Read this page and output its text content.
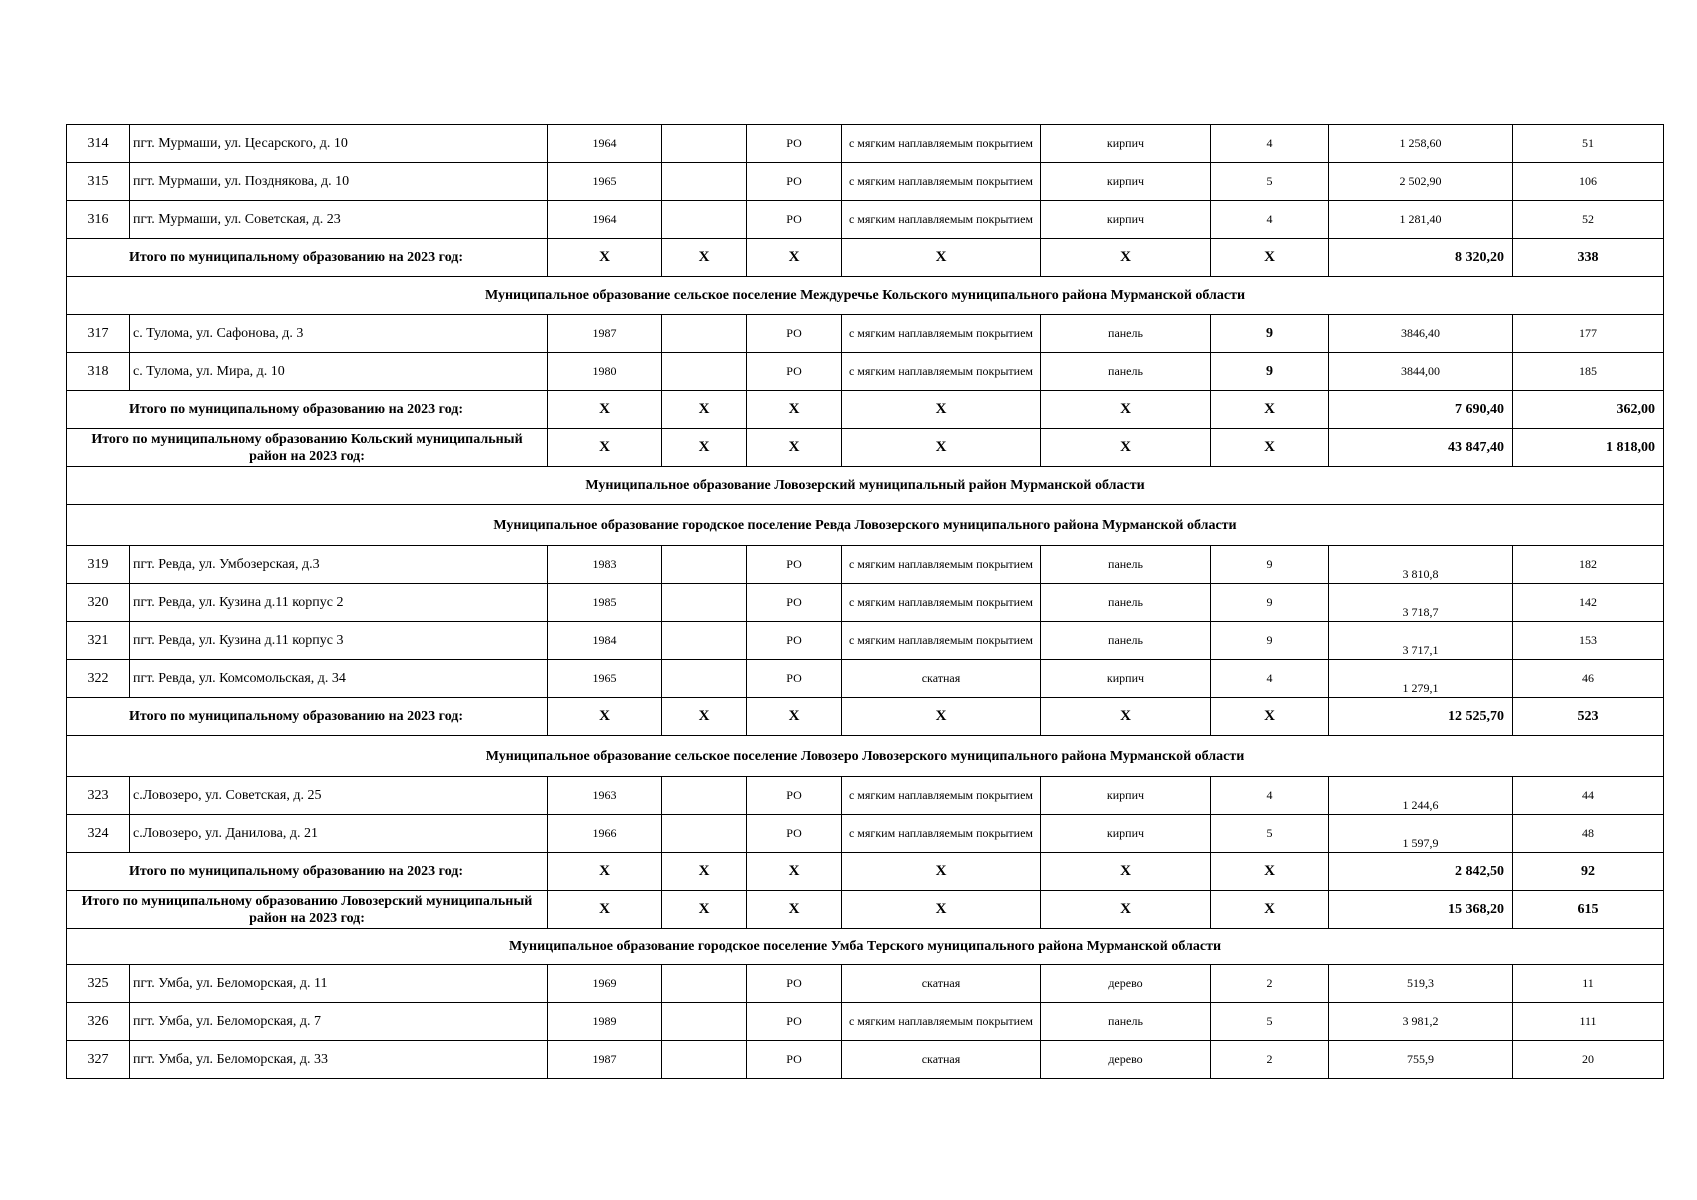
314	пгт. Мурмаши, ул. Цесарского, д. 10	1964		РО	с мягким наплавляемым покрытием	кирпич	4	1 258,60	51
315	пгт. Мурмаши, ул. Позднякова, д. 10	1965		РО	с мягким наплавляемым покрытием	кирпич	5	2 502,90	106
316	пгт. Мурмаши, ул. Советская, д. 23	1964		РО	с мягким наплавляемым покрытием	кирпич	4	1 281,40	52
Итого по муниципальному образованию на 2023 год:		X	X	X	X	X	X	8 320,20	338
Муниципальное образование сельское поселение Междуречье Кольского муниципального района Мурманской области									
317	с. Тулома, ул. Сафонова, д. 3	1987		РО	с мягким наплавляемым покрытием	панель	9	3846,40	177
318	с. Тулома, ул. Мира, д. 10	1980		РО	с мягким наплавляемым покрытием	панель	9	3844,00	185
Итого по муниципальному образованию на 2023 год:		X	X	X	X	X	X	7 690,40	362,00
Итого по муниципальному образованию Кольский муниципальный район на 2023 год:		X	X	X	X	X	X	43 847,40	1 818,00
Муниципальное образование Ловозерский муниципальный район Мурманской области									
Муниципальное образование городское поселение Ревда Ловозерского муниципального района Мурманской области									
319	пгт. Ревда, ул. Умбозерская, д.3	1983		РО	с мягким наплавляемым покрытием	панель	9	3 810,8	182
320	пгт. Ревда, ул. Кузина д.11 корпус 2	1985		РО	с мягким наплавляемым покрытием	панель	9	3 718,7	142
321	пгт. Ревда, ул. Кузина д.11 корпус 3	1984		РО	с мягким наплавляемым покрытием	панель	9	3 717,1	153
322	пгт. Ревда, ул. Комсомольская, д. 34	1965		РО	скатная	кирпич	4	1 279,1	46
Итого по муниципальному образованию на 2023 год:		X	X	X	X	X	X	12 525,70	523
Муниципальное образование сельское поселение Ловозеро Ловозерского муниципального района Мурманской области									
323	с.Ловозеро, ул. Советская, д. 25	1963		РО	с мягким наплавляемым покрытием	кирпич	4	1 244,6	44
324	с.Ловозеро, ул. Данилова, д. 21	1966		РО	с мягким наплавляемым покрытием	кирпич	5	1 597,9	48
Итого по муниципальному образованию на 2023 год:		X	X	X	X	X	X	2 842,50	92
Итого по муниципальному образованию Ловозерский муниципальный район на 2023 год:		X	X	X	X	X	X	15 368,20	615
Муниципальное образование городское поселение Умба Терского муниципального района Мурманской области									
325	пгт. Умба, ул. Беломорская, д. 11	1969		РО	скатная	дерево	2	519,3	11
326	пгт. Умба, ул. Беломорская, д. 7	1989		РО	с мягким наплавляемым покрытием	панель	5	3 981,2	111
327	пгт. Умба, ул. Беломорская, д. 33	1987		РО	скатная	дерево	2	755,9	20
